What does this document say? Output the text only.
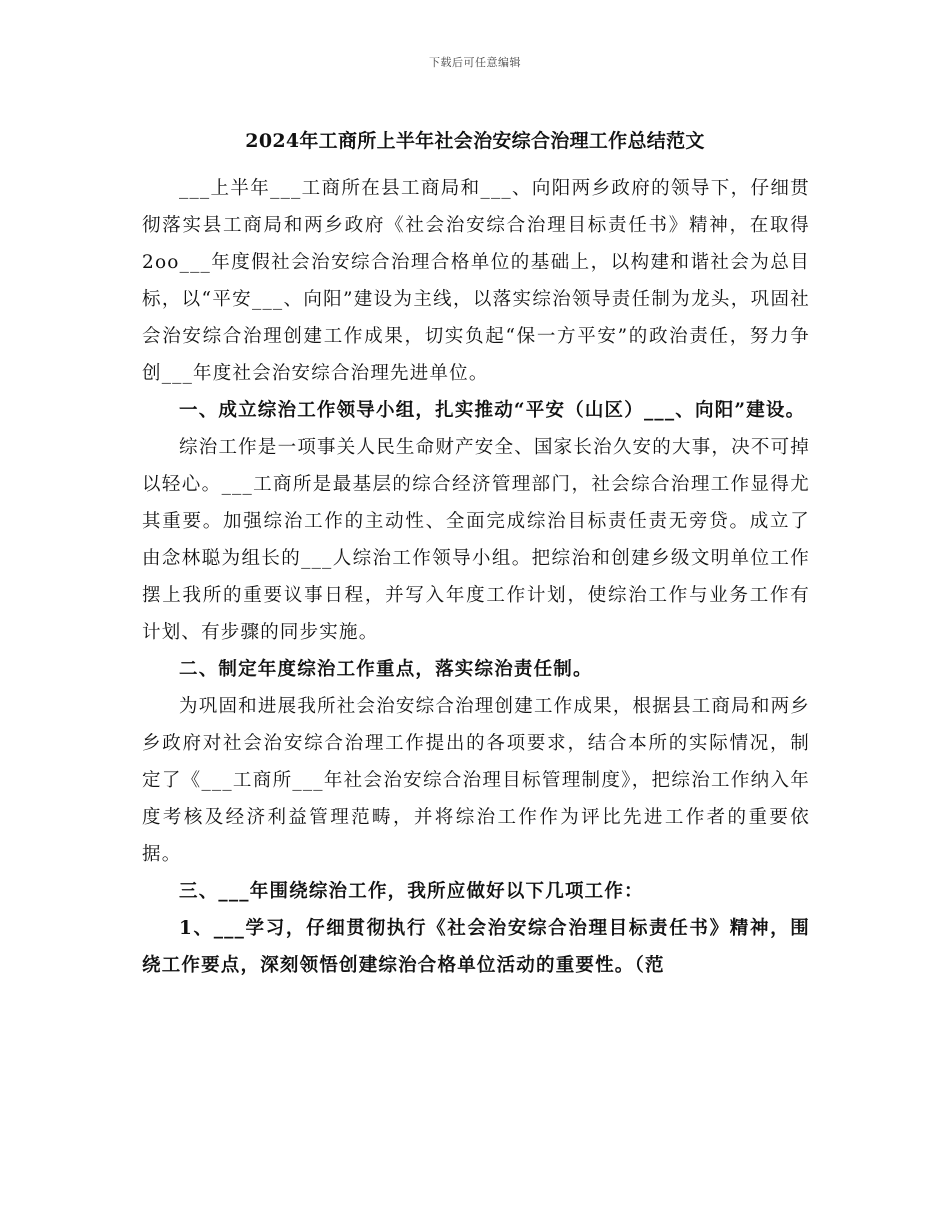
下载后可任意编辑
2024年工商所上半年社会治安综合治理工作总结范文

___上半年___工商所在县工商局和___、向阳两乡政府的领导下，仔细贯彻落实县工商局和两乡政府《社会治安综合治理目标责任书》精神，在取得2oo___年度假社会治安综合治理合格单位的基础上，以构建和谐社会为总目标，以“平安___、向阳”建设为主线，以落实综治领导责任制为龙头，巩固社会治安综合治理创建工作成果，切实负起“保一方平安”的政治责任，努力争创___年度社会治安综合治理先进单位。

一、成立综治工作领导小组，扎实推动“平安（山区）___、向阳”建设。

综治工作是一项事关人民生命财产安全、国家长治久安的大事，决不可掉以轻心。___工商所是最基层的综合经济管理部门，社会综合治理工作显得尤其重要。加强综治工作的主动性、全面完成综治目标责任责无旁贷。成立了由念林聪为组长的___人综治工作领导小组。把综治和创建乡级文明单位工作摆上我所的重要议事日程，并写入年度工作计划，使综治工作与业务工作有计划、有步骤的同步实施。

二、制定年度综治工作重点，落实综治责任制。

为巩固和进展我所社会治安综合治理创建工作成果，根据县工商局和两乡乡政府对社会治安综合治理工作提出的各项要求，结合本所的实际情况，制定了《___工商所___年社会治安综合治理目标管理制度》，把综治工作纳入年度考核及经济利益管理范畴，并将综治工作作为评比先进工作者的重要依据。

三、___年围绕综治工作，我所应做好以下几项工作：

1、___学习，仔细贯彻执行《社会治安综合治理目标责任书》精神，围绕工作要点，深刻领悟创建综治合格单位活动的重要性。（范
